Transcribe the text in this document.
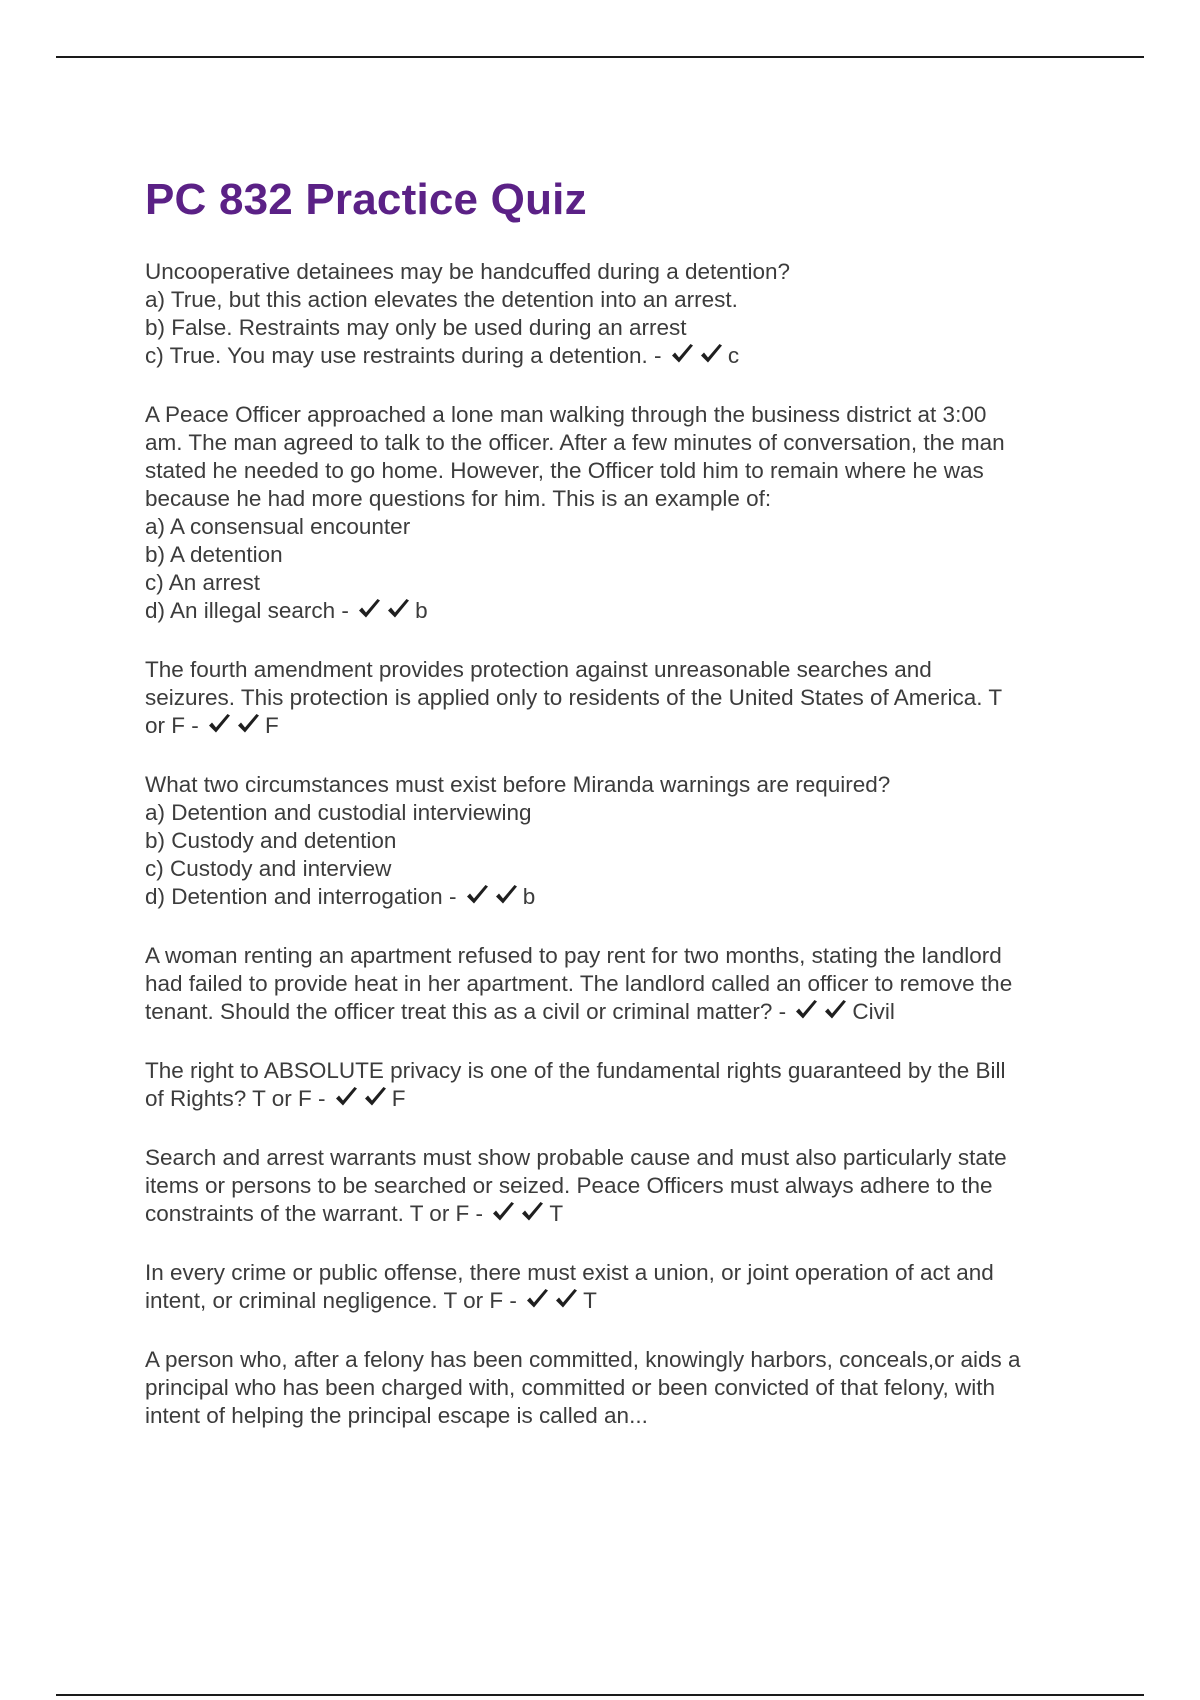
PC 832 Practice Quiz
Uncooperative detainees may be handcuffed during a detention?
a) True, but this action elevates the detention into an arrest.
b) False. Restraints may only be used during an arrest
c) True. You may use restraints during a detention. -	c
A Peace Officer approached a lone man walking through the business district at 3:00
am. The man agreed to talk to the officer. After a few minutes of conversation, the man
stated he needed to go home. However, the Officer told him to remain where he was
because he had more questions for him. This is an example of:
a) A consensual encounter
b) A detention
c) An arrest
d) An illegal search -	b
The fourth amendment provides protection against unreasonable searches and
seizures. This protection is applied only to residents of the United States of America. T
or F -	F
What two circumstances must exist before Miranda warnings are required?
a) Detention and custodial interviewing
b) Custody and detention
c) Custody and interview
d) Detention and interrogation -	b
A woman renting an apartment refused to pay rent for two months, stating the landlord
had failed to provide heat in her apartment. The landlord called an officer to remove the
tenant. Should the officer treat this as a civil or criminal matter? -	Civil
The right to ABSOLUTE privacy is one of the fundamental rights guaranteed by the Bill
of Rights? T or F -	F
Search and arrest warrants must show probable cause and must also particularly state
items or persons to be searched or seized. Peace Officers must always adhere to the
constraints of the warrant. T or F -	T
In every crime or public offense, there must exist a union, or joint operation of act and
intent, or criminal negligence. T or F -	T
A person who, after a felony has been committed, knowingly harbors, conceals,or aids a
principal who has been charged with, committed or been convicted of that felony, with
intent of helping the principal escape is called an...
